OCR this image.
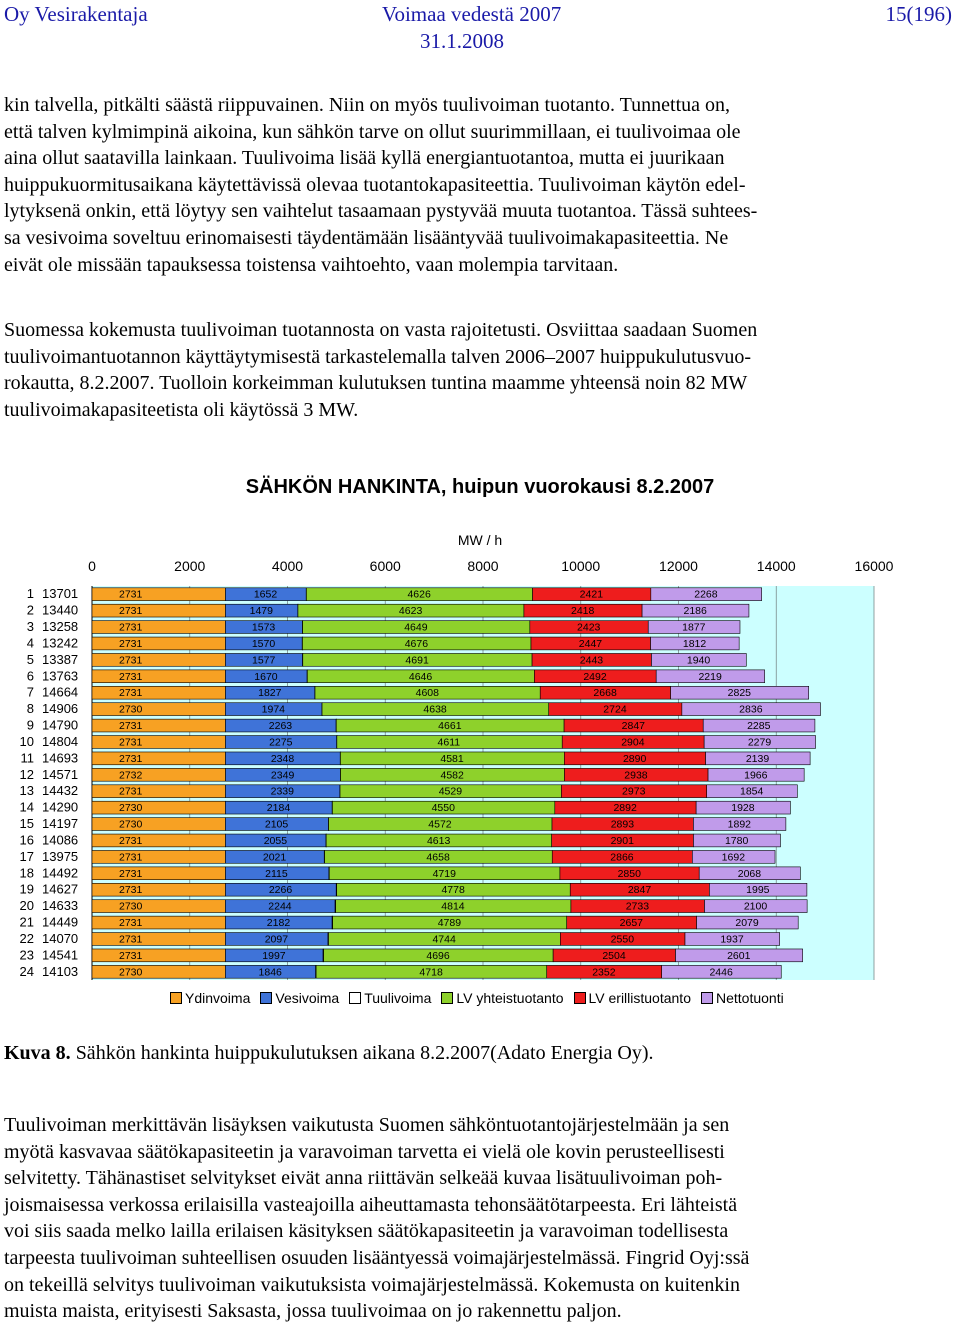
Oy Vesirakentaja	Voimaa vedestä 2007
31.1.2008
15(196)

kin talvella, pitkälti säästä riippuvainen. Niin on myös tuulivoiman tuotanto. Tunnettua on,
että talven kylmimpinä aikoina, kun sähkön tarve on ollut suurimmillaan, ei tuulivoimaa ole
aina ollut saatavilla lainkaan. Tuulivoima lisää kyllä energiantuotantoa, mutta ei juurikaan
huippukuormitusaikana käytettävissä olevaa tuotantokapasiteettia. Tuulivoiman käytön edel-
lytyksenä onkin, että löytyy sen vaihtelut tasaamaan pystyvää muuta tuotantoa. Tässä suhtees-
sa vesivoima soveltuu erinomaisesti täydentämään lisääntyvää tuulivoimakapasiteettia. Ne
eivät ole missään tapauksessa toistensa vaihtoehto, vaan molempia tarvitaan.

Suomessa kokemusta tuulivoiman tuotannosta on vasta rajoitetusti. Osviittaa saadaan Suomen
tuulivoimantuotannon käyttäytymisestä tarkastelemalla talven 2006–2007 huippukulutusvuo-
rokautta, 8.2.2007. Tuolloin korkeimman kulutuksen tuntina maamme yhteensä noin 82 MW
tuulivoimakapasiteetista oli käytössä 3 MW.

SÄHKÖN HANKINTA, huipun vuorokausi 8.2.2007
MW / h
0	2000	4000	6000	8000	10000	12000	14000	16000
1 13701	2731	1652	4626	2421	2268
2 13440	2731	1479	4623	2418	2186
3 13258	2731	1573	4649	2423	1877
4 13242	2731	1570	4676	2447	1812
5 13387	2731	1577	4691	2443	1940
6 13763	2731	1670	4646	2492	2219
7 14664	2731	1827	4608	2668	2825
8 14906	2730	1974	4638	2724	2836
9 14790	2731	2263	4661	2847	2285
10 14804	2731	2275	4611	2904	2279
11 14693	2731	2348	4581	2890	2139
12 14571	2732	2349	4582	2938	1966
13 14432	2731	2339	4529	2973	1854
14 14290	2730	2184	4550	2892	1928
15 14197	2730	2105	4572	2893	1892
16 14086	2731	2055	4613	2901	1780
17 13975	2731	2021	4658	2866	1692
18 14492	2731	2115	4719	2850	2068
19 14627	2731	2266	4778	2847	1995
20 14633	2730	2244	4814	2733	2100
21 14449	2731	2182	4789	2657	2079
22 14070	2731	2097	4744	2550	1937
23 14541	2731	1997	4696	2504	2601
24 14103	2730	1846	4718	2352	2446
Ydinvoima Vesivoima Tuulivoima LV yhteistuotanto LV erillistuotanto Nettotuonti
Kuva 8. Sähkön hankinta huippukulutuksen aikana 8.2.2007(Adato Energia Oy).

Tuulivoiman merkittävän lisäyksen vaikutusta Suomen sähköntuotantojärjestelmään ja sen
myötä kasvavaa säätökapasiteetin ja varavoiman tarvetta ei vielä ole kovin perusteellisesti
selvitetty. Tähänastiset selvitykset eivät anna riittävän selkeää kuvaa lisätuulivoiman poh-
joismaisessa verkossa erilaisilla vasteajoilla aiheuttamasta tehonsäätötarpeesta. Eri lähteistä
voi siis saada melko lailla erilaisen käsityksen säätökapasiteetin ja varavoiman todellisesta
tarpeesta tuulivoiman suhteellisen osuuden lisääntyessä voimajärjestelmässä. Fingrid Oyj:ssä
on tekeillä selvitys tuulivoiman vaikutuksista voimajärjestelmässä. Kokemusta on kuitenkin
muista maista, erityisesti Saksasta, jossa tuulivoimaa on jo rakennettu paljon.
